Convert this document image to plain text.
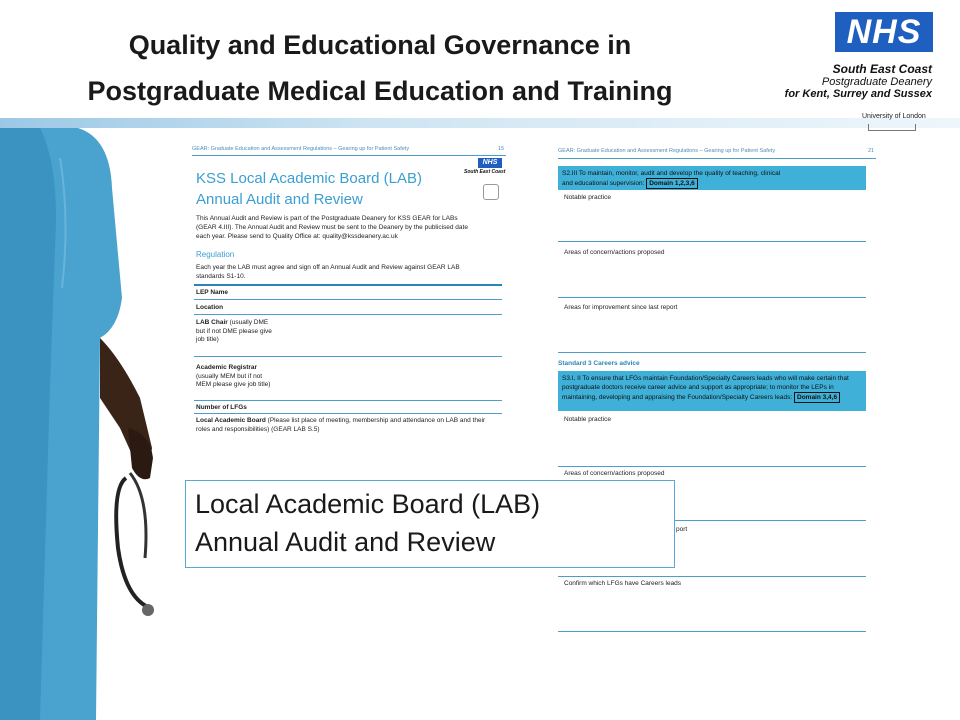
Quality and Educational Governance in
Postgraduate Medical Education and Training
NHS
South East Coast
Postgraduate Deanery
for Kent, Surrey and Sussex
University of London
GEAR: Graduate Education and Assessment Regulations – Gearing up for Patient Safety	15
KSS Local Academic Board (LAB)
Annual Audit and Review
NHS
South East Coast
This Annual Audit and Review is part of the Postgraduate Deanery for KSS GEAR for LABs (GEAR 4.III). The Annual Audit and Review must be sent to the Deanery by the publicised date each year. Please send to Quality Office at: quality@kssdeanery.ac.uk
Regulation
Each year the LAB must agree and sign off an Annual Audit and Review against GEAR LAB standards S1-10.
LEP Name
Location
LAB Chair (usually DME but if not DME please give job title)
Academic Registrar (usually MEM but if not MEM please give job title)
Number of LFGs
Local Academic Board (Please list place of meeting, membership and attendance on LAB and their roles and responsibilities) (GEAR LAB S.5)
GEAR: Graduate Education and Assessment Regulations – Gearing up for Patient Safety	21
S2.III To maintain, monitor, audit and develop the quality of teaching, clinical and educational supervision: Domain 1,2,3,6
Notable practice
Areas of concern/actions proposed
Areas for improvement since last report
Standard 3 Careers advice
S3.I, II To ensure that LFGs maintain Foundation/Specialty Careers leads who will make certain that postgraduate doctors receive career advice and support as appropriate; to monitor the LEPs in maintaining, developing and appraising the Foundation/Specialty Careers leads: Domain 3,4,6
Notable practice
Areas of concern/actions proposed
port
Confirm which LFGs have Careers leads
Local Academic Board (LAB)
Annual Audit and Review
